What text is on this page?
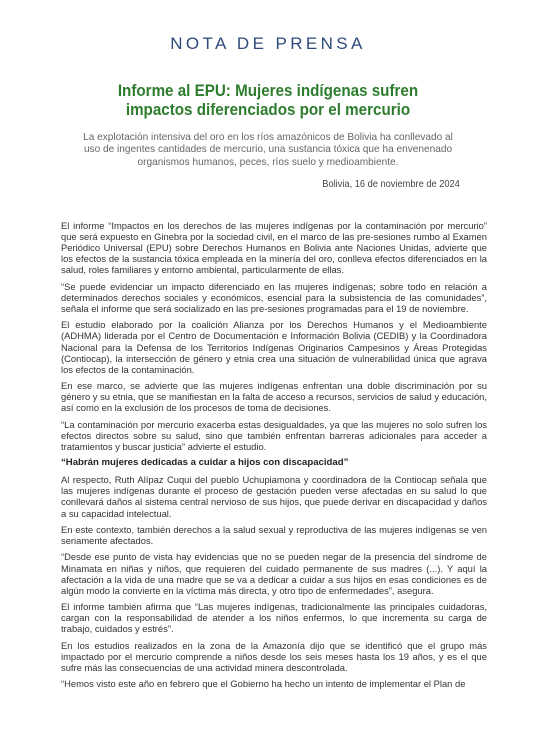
NOTA DE PRENSA
Informe al EPU: Mujeres indígenas sufren impactos diferenciados por el mercurio
La explotación intensiva del oro en los ríos amazónicos de Bolivia ha conllevado al uso de ingentes cantidades de mercurio, una sustancia tóxica que ha envenenado organismos humanos, peces, ríos suelo y medioambiente.
Bolivia, 16 de noviembre de 2024

El informe “Impactos en los derechos de las mujeres indígenas por la contaminación por mercurio” que será expuesto en Ginebra por la sociedad civil, en el marco de las pre-sesiones rumbo al Examen Periódico Universal (EPU) sobre Derechos Humanos en Bolivia ante Naciones Unidas, advierte que los efectos de la sustancia tóxica empleada en la minería del oro, conlleva efectos diferenciados en la salud, roles familiares y entorno ambiental, particularmente de ellas.

“Se puede evidenciar un impacto diferenciado en las mujeres indígenas; sobre todo en relación a determinados derechos sociales y económicos, esencial para la subsistencia de las comunidades”, señala el informe que será socializado en las pre-sesiones programadas para el 19 de noviembre.

El estudio elaborado por la coalición Alianza por los Derechos Humanos y el Medioambiente (ADHMA) liderada por el Centro de Documentación e Información Bolivia (CEDIB) y la Coordinadora Nacional para la Defensa de los Territorios Indígenas Originarios Campesinos y Áreas Protegidas (Contiocap), la intersección de género y etnia crea una situación de vulnerabilidad única que agrava los efectos de la contaminación.

En ese marco, se advierte que las mujeres indígenas enfrentan una doble discriminación por su género y su etnia, que se manifiestan en la falta de acceso a recursos, servicios de salud y educación, así como en la exclusión de los procesos de toma de decisiones.

“La contaminación por mercurio exacerba estas desigualdades, ya que las mujeres no solo sufren los efectos directos sobre su salud, sino que también enfrentan barreras adicionales para acceder a tratamientos y buscar justicia” advierte el estudio.

“Habrán mujeres dedicadas a cuidar a hijos con discapacidad”

Al respecto, Ruth Alípaz Cuqui del pueblo Uchupiamona y coordinadora de la Contiocap señala que las mujeres indígenas durante el proceso de gestación pueden verse afectadas en su salud lo que conllevará daños al sistema central nervioso de sus hijos, que puede derivar en discapacidad y daños a su capacidad intelectual.

En este contexto, también derechos a la salud sexual y reproductiva de las mujeres indígenas se ven seriamente afectados.

“Desde ese punto de vista hay evidencias que no se pueden negar de la presencia del síndrome de Minamata en niñas y niños, que requieren del cuidado permanente de sus madres (...). Y aquí la afectación a la vida de una madre que se va a dedicar a cuidar a sus hijos en esas condiciones es de algún modo la convierte en la víctima más directa, y otro tipo de enfermedades”, asegura.

El informe también afirma que “Las mujeres indígenas, tradicionalmente las principales cuidadoras, cargan con la responsabilidad de atender a los niños enfermos, lo que incrementa su carga de trabajo, cuidados y estrés”.

En los estudios realizados en la zona de la Amazonía dijo que se identificó que el grupo más impactado por el mercurio comprende a niños desde los seis meses hasta los 19 años, y es el que sufre más las consecuencias de una actividad minera descontrolada.

“Hemos visto este año en febrero que el Gobierno ha hecho un intento de implementar el Plan de
